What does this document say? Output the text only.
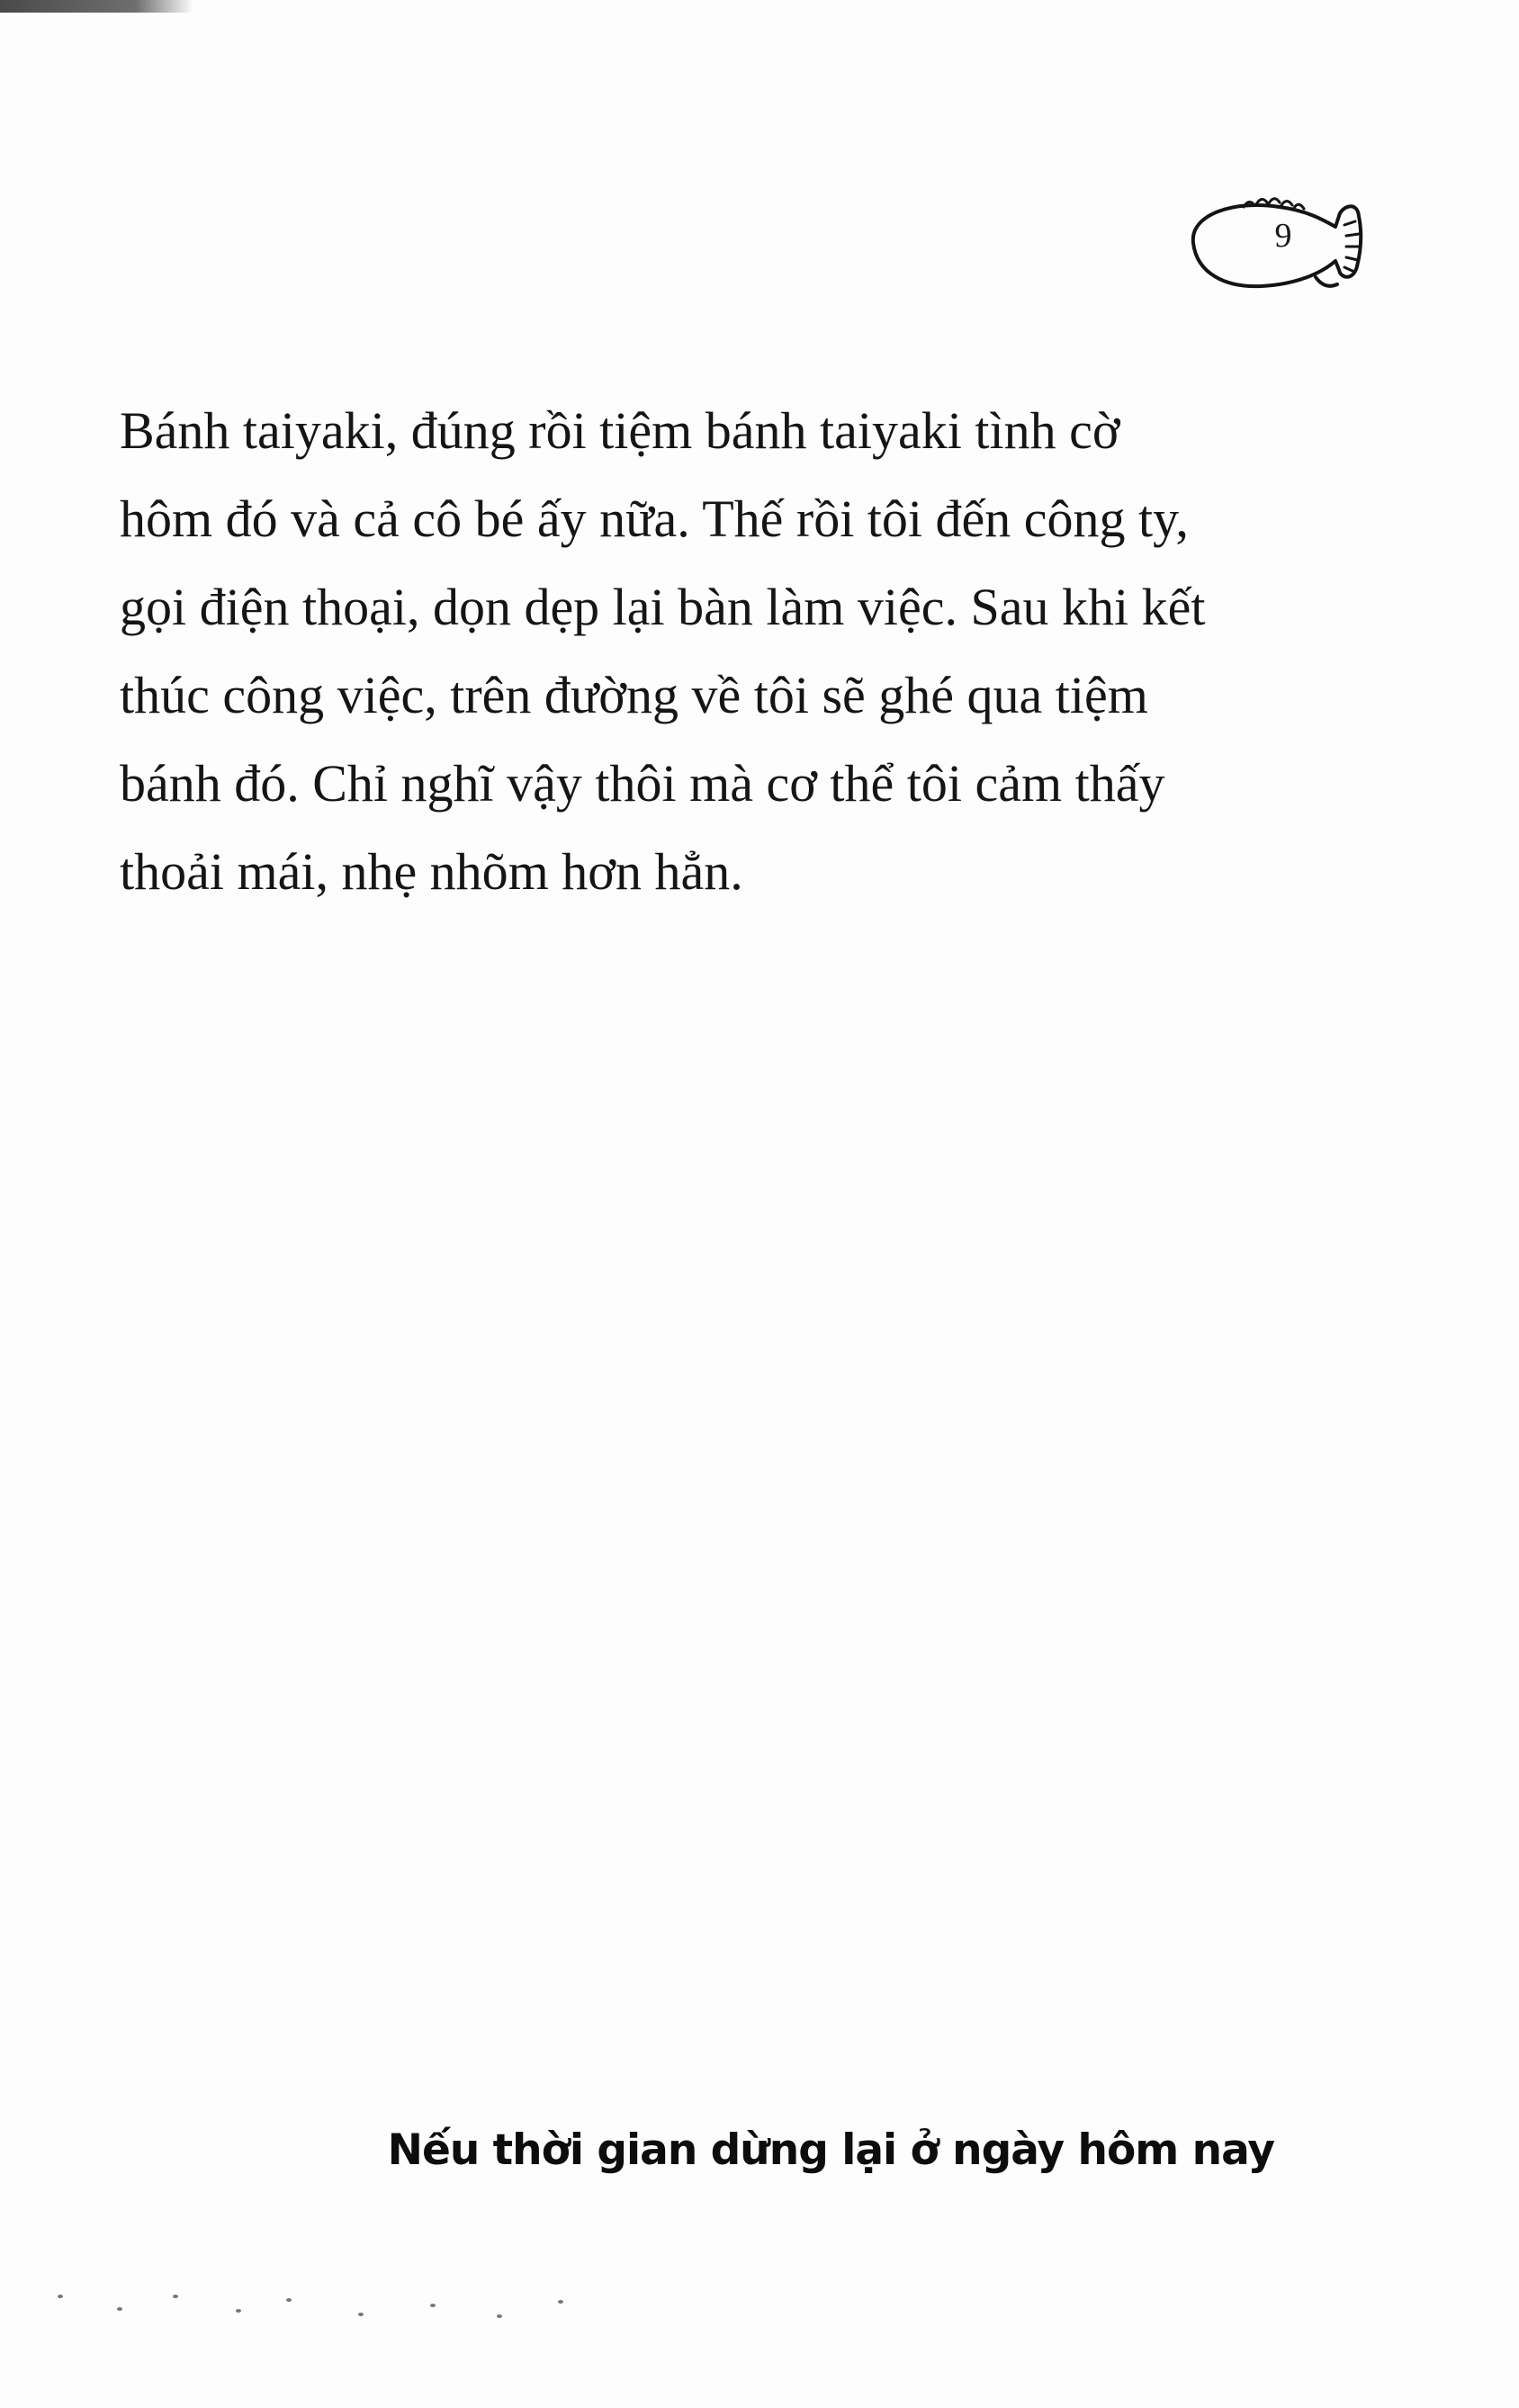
9
Bánh taiyaki, đúng rồi tiệm bánh taiyaki tình cờ
hôm đó và cả cô bé ấy nữa. Thế rồi tôi đến công ty,
gọi điện thoại, dọn dẹp lại bàn làm việc. Sau khi kết
thúc công việc, trên đường về tôi sẽ ghé qua tiệm
bánh đó. Chỉ nghĩ vậy thôi mà cơ thể tôi cảm thấy
thoải mái, nhẹ nhõm hơn hẳn.
Nếu thời gian dừng lại ở ngày hôm nay
